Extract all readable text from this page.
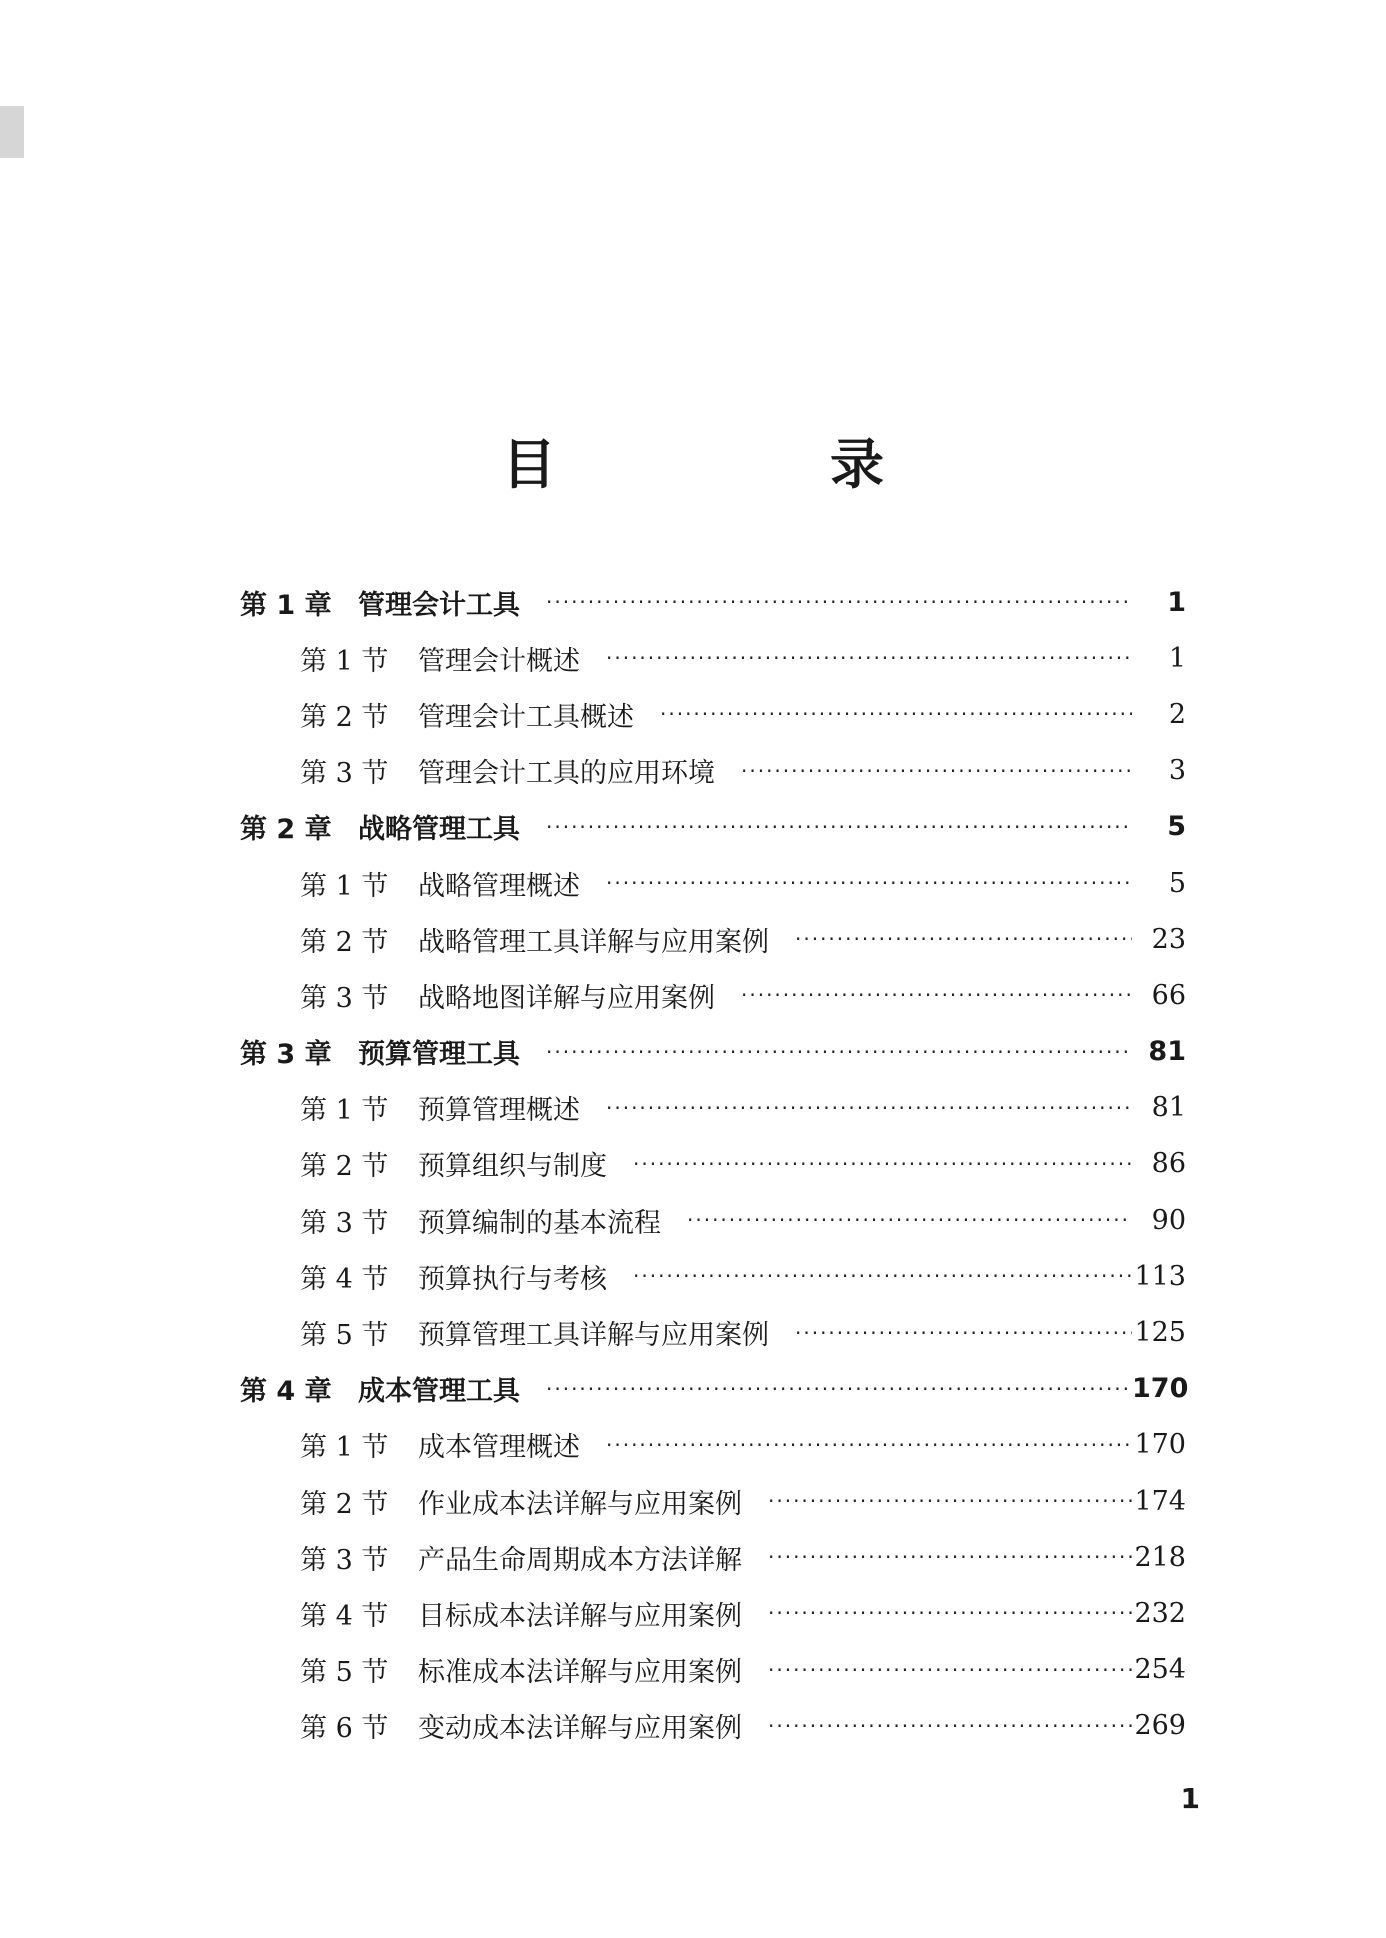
目　录
第 1 章 管理会计工具 ·····	1
第 1 节	管理会计概述 ·····	1
第 2 节	管理会计工具概述 ·····	2
第 3 节	管理会计工具的应用环境 ·····	3
第 2 章 战略管理工具 ·····	5
第 1 节	战略管理概述 ·····	5
第 2 节	战略管理工具详解与应用案例 ·····	23
第 3 节	战略地图详解与应用案例 ·····	66
第 3 章 预算管理工具 ·····	81
第 1 节	预算管理概述 ·····	81
第 2 节	预算组织与制度 ·····	86
第 3 节	预算编制的基本流程 ·····	90
第 4 节	预算执行与考核 ·····	113
第 5 节	预算管理工具详解与应用案例 ·····	125
第 4 章 成本管理工具 ·····	170
第 1 节	成本管理概述 ·····	170
第 2 节	作业成本法详解与应用案例 ·····	174
第 3 节	产品生命周期成本方法详解 ·····	218
第 4 节	目标成本法详解与应用案例 ·····	232
第 5 节	标准成本法详解与应用案例 ·····	254
第 6 节	变动成本法详解与应用案例 ·····	269
1
